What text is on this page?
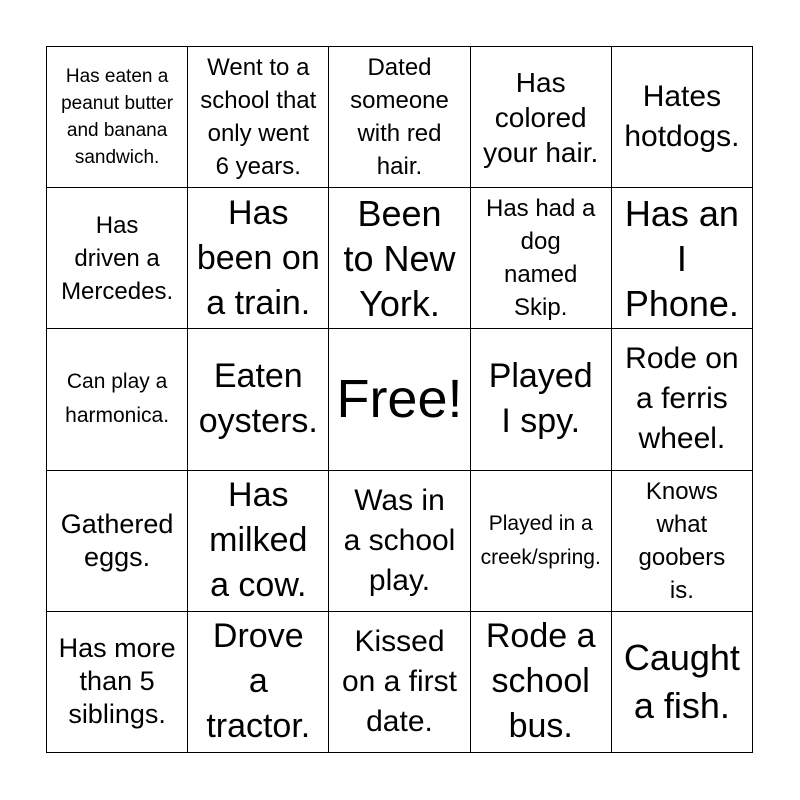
Has eaten a
peanut butter
and banana
sandwich.
Went to a
school that
only went
6 years.
Dated
someone
with red
hair.
Has
colored
your hair.
Hates
hotdogs.
Has
driven a
Mercedes.
Has
been on
a train.
Been
to New
York.
Has had a
dog
named
Skip.
Has an
I
Phone.
Can play a
harmonica.
Eaten
oysters. Free! Played
I spy.
Rode on
a ferris
wheel.
Gathered
eggs.
Has
milked
a cow.
Was in
a school
play.
Played in a
creek/spring.
Knows
what
goobers
is.
Has more
than 5
siblings.
Drove
a
tractor.
Kissed
on a first
date.
Rode a
school
bus.
Caught
a fish.
